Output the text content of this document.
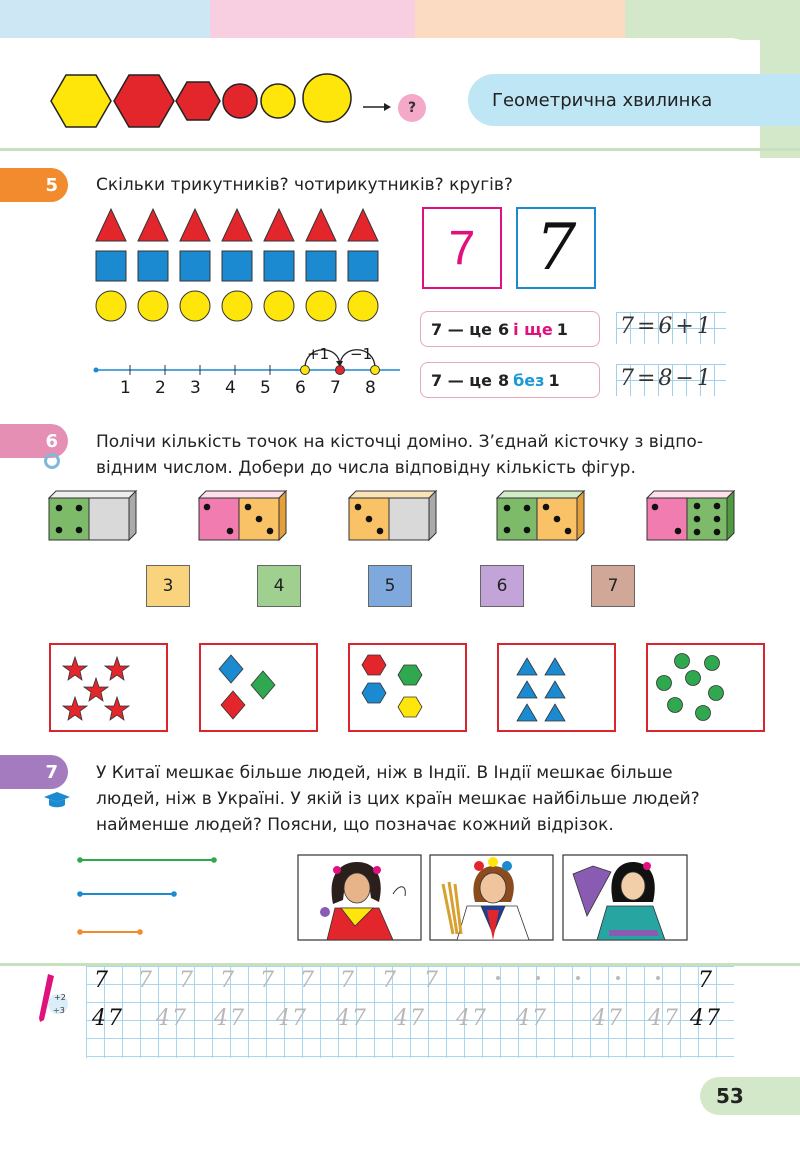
?	Геометрична хвилинка
5 Скільки трикутників? чотирикутників? кругів?
+1 −1
1 2 3 4 5 6 7 8
7 7
7 — це 6 і ще 1
7 — це 8 без 1
7=6+1
7=8−1
6 Полічи кількість точок на кісточці доміно. З’єднай кісточку з відпо-
відним числом. Добери до числа відповідну кількість фігур.
3	4	5	6	7
7 У Китаї мешкає більше людей, ніж в Індії. В Індії мешкає більше
людей, ніж в Україні. У якій із цих країн мешкає найбільше людей?
найменше людей? Поясни, що позначає кожний відрізок.
+2
÷3
7 7 7 7 7 7 7 7 7	7
47 47 47 47 47 47 47 47 47 47 47
53
